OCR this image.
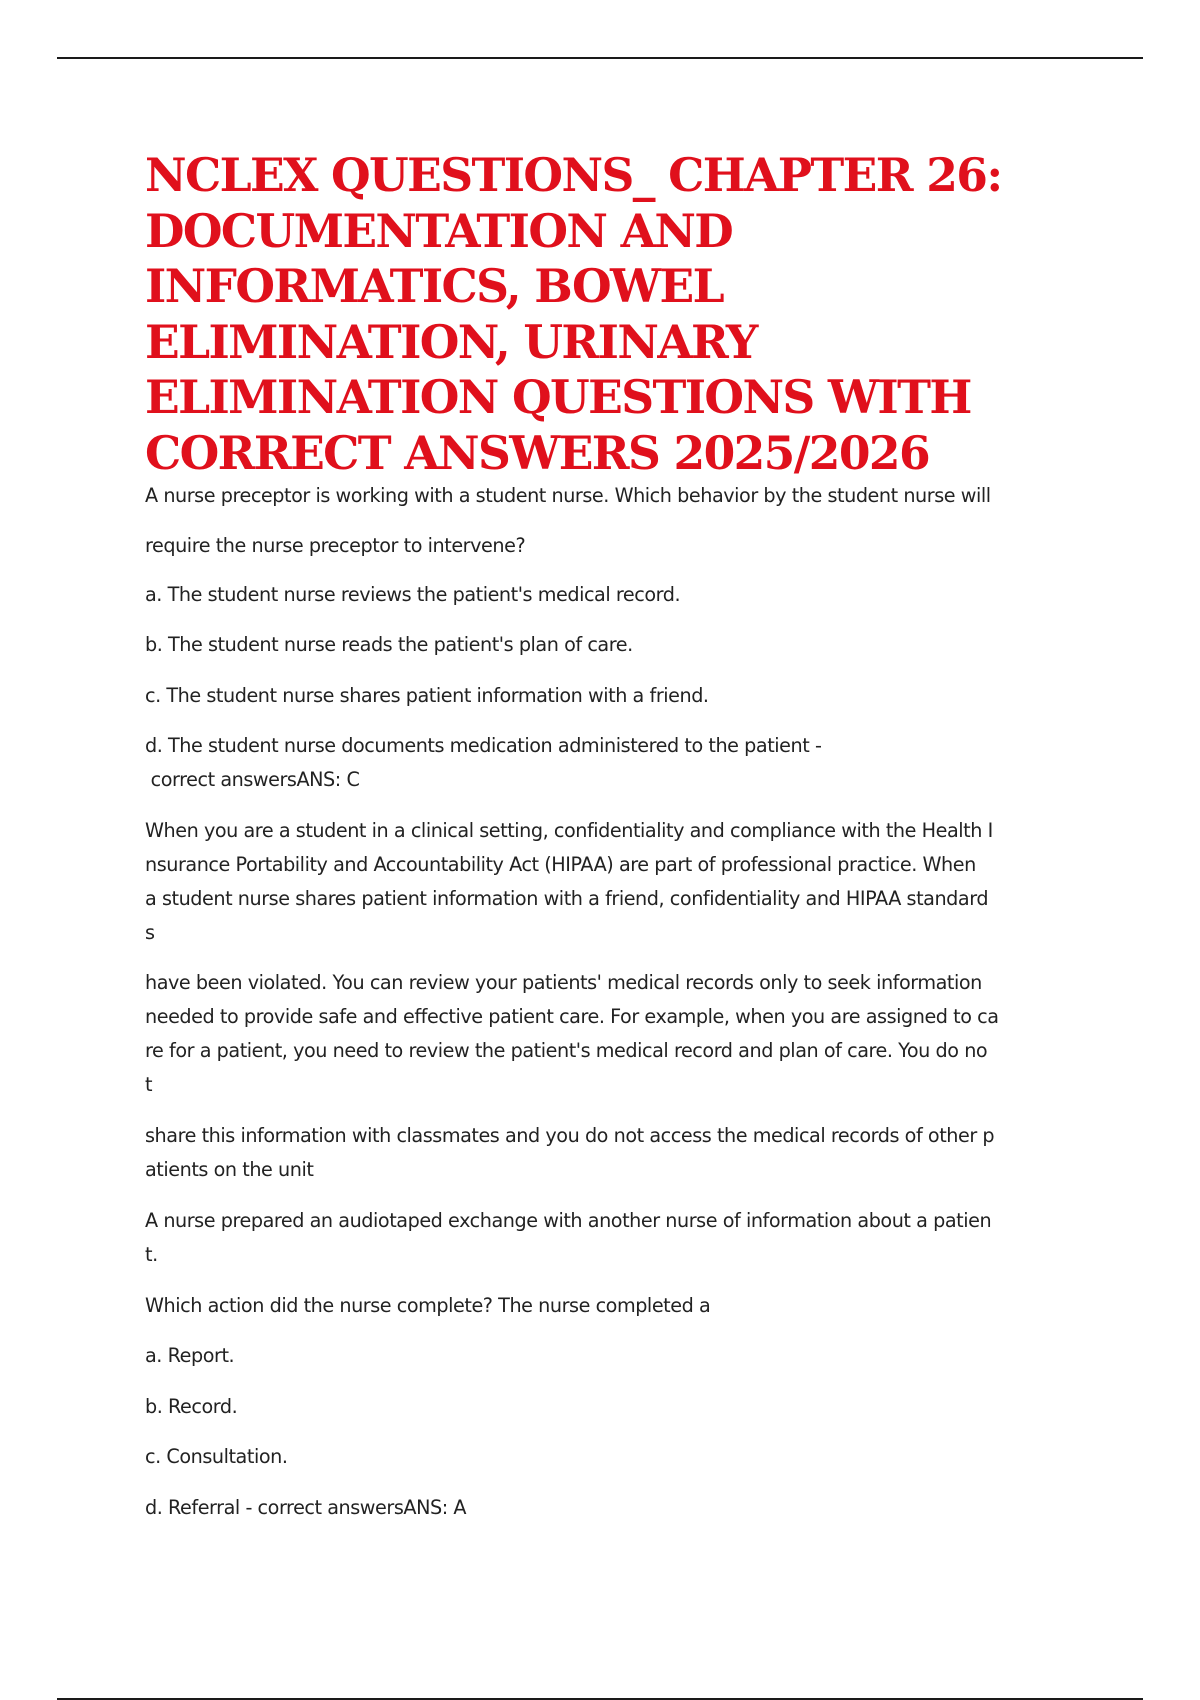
NCLEX QUESTIONS_ CHAPTER 26:
DOCUMENTATION AND
INFORMATICS, BOWEL
ELIMINATION, URINARY
ELIMINATION QUESTIONS WITH
CORRECT ANSWERS 2025/2026

A nurse preceptor is working with a student nurse. Which behavior by the student nurse will

require the nurse preceptor to intervene?

a. The student nurse reviews the patient's medical record.

b. The student nurse reads the patient's plan of care.

c. The student nurse shares patient information with a friend.

d. The student nurse documents medication administered to the patient -

correct answersANS: C

When you are a student in a clinical setting, confidentiality and compliance with the Health I

nsurance Portability and Accountability Act (HIPAA) are part of professional practice. When

a student nurse shares patient information with a friend, confidentiality and HIPAA standard

s

have been violated. You can review your patients' medical records only to seek information

needed to provide safe and effective patient care. For example, when you are assigned to ca

re for a patient, you need to review the patient's medical record and plan of care. You do no

t

share this information with classmates and you do not access the medical records of other p

atients on the unit

A nurse prepared an audiotaped exchange with another nurse of information about a patien

t.

Which action did the nurse complete? The nurse completed a

a. Report.

b. Record.

c. Consultation.

d. Referral - correct answersANS: A
